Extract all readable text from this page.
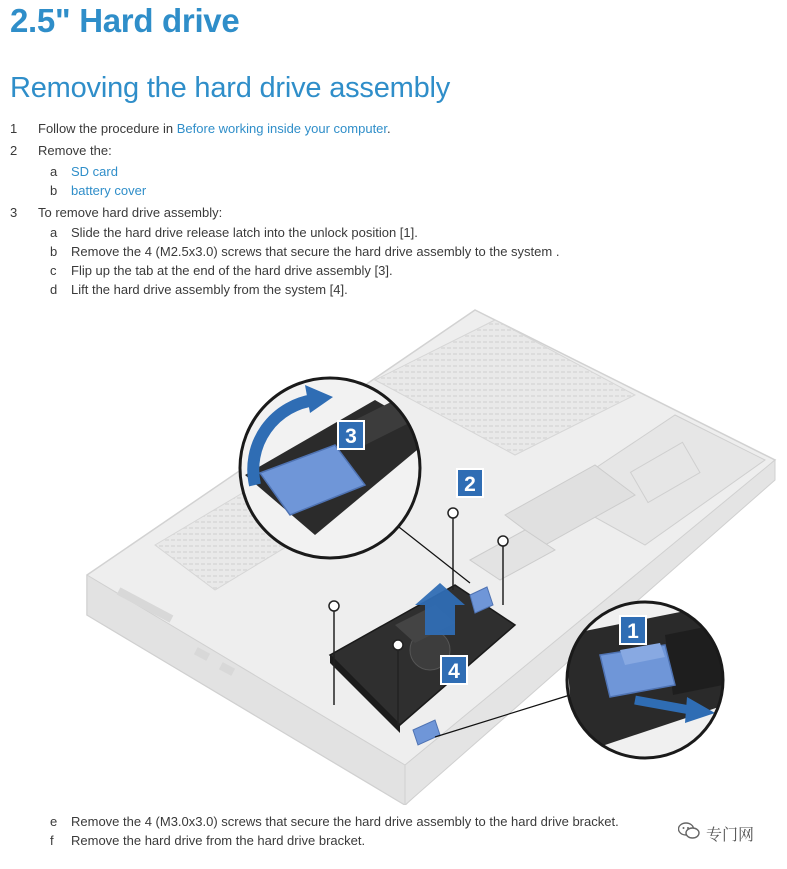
2.5" Hard drive
Removing the hard drive assembly
1 Follow the procedure in Before working inside your computer.
2 Remove the:
a SD card
b battery cover
3 To remove hard drive assembly:
a Slide the hard drive release latch into the unlock position [1].
b Remove the 4 (M2.5x3.0) screws that secure the hard drive assembly to the system .
c Flip up the tab at the end of the hard drive assembly [3].
d Lift the hard drive assembly from the system [4].
3
2
4
1
e Remove the 4 (M3.0x3.0) screws that secure the hard drive assembly to the hard drive bracket.
f Remove the hard drive from the hard drive bracket.	专门网
